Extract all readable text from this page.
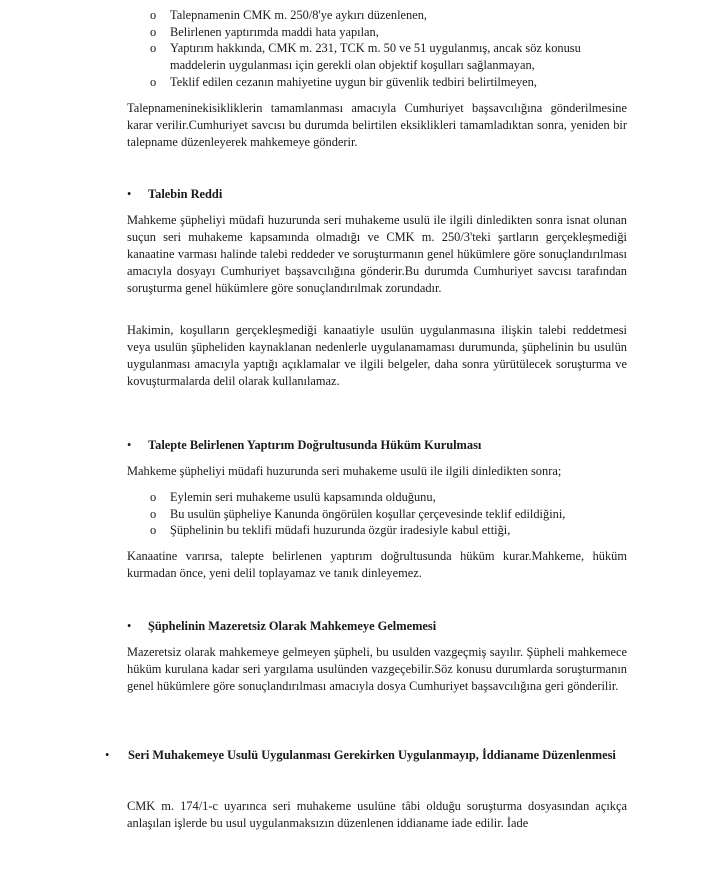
o Talepnamenin CMK m. 250/8'ye aykırı düzenlenen,
o Belirlenen yaptırımda maddi hata yapılan,
o Yaptırım hakkında, CMK m. 231, TCK m. 50 ve 51 uygulanmış, ancak söz konusu maddelerin uygulanması için gerekli olan objektif koşulları sağlanmayan,
o Teklif edilen cezanın mahiyetine uygun bir güvenlik tedbiri belirtilmeyen,

Talepnameninekisikliklerin tamamlanması amacıyla Cumhuriyet başsavcılığına gönderilmesine karar verilir.Cumhuriyet savcısı bu durumda belirtilen eksiklikleri tamamladıktan sonra, yeniden bir talepname düzenleyerek mahkemeye gönderir.

• Talebin Reddi

Mahkeme şüpheliyi müdafi huzurunda seri muhakeme usulü ile ilgili dinledikten sonra isnat olunan suçun seri muhakeme kapsamında olmadığı ve CMK m. 250/3'teki şartların gerçekleşmediği kanaatine varması halinde talebi reddeder ve soruşturmanın genel hükümlere göre sonuçlandırılması amacıyla dosyayı Cumhuriyet başsavcılığına gönderir.Bu durumda Cumhuriyet savcısı tarafından soruşturma genel hükümlere göre sonuçlandırılmak zorundadır.

Hakimin, koşulların gerçekleşmediği kanaatiyle usulün uygulanmasına ilişkin talebi reddetmesi veya usulün şüpheliden kaynaklanan nedenlerle uygulanamaması durumunda, şüphelinin bu usulün uygulanması amacıyla yaptığı açıklamalar ve ilgili belgeler, daha sonra yürütülecek soruşturma ve kovuşturmalarda delil olarak kullanılamaz.

• Talepte Belirlenen Yaptırım Doğrultusunda Hüküm Kurulması

Mahkeme şüpheliyi müdafi huzurunda seri muhakeme usulü ile ilgili dinledikten sonra;

o Eylemin seri muhakeme usulü kapsamında olduğunu,
o Bu usulün şüpheliye Kanunda öngörülen koşullar çerçevesinde teklif edildiğini,
o Şüphelinin bu teklifi müdafi huzurunda özgür iradesiyle kabul ettiği,

Kanaatine varırsa, talepte belirlenen yaptırım doğrultusunda hüküm kurar.Mahkeme, hüküm kurmadan önce, yeni delil toplayamaz ve tanık dinleyemez.

• Şüphelinin Mazeretsiz Olarak Mahkemeye Gelmemesi

Mazeretsiz olarak mahkemeye gelmeyen şüpheli, bu usulden vazgeçmiş sayılır. Şüpheli mahkemece hüküm kurulana kadar seri yargılama usulünden vazgeçebilir.Söz konusu durumlarda soruşturmanın genel hükümlere göre sonuçlandırılması amacıyla dosya Cumhuriyet başsavcılığına geri gönderilir.

• Seri Muhakemeye Usulü Uygulanması Gerekirken Uygulanmayıp, İddianame Düzenlenmesi

CMK m. 174/1-c uyarınca seri muhakeme usulüne tâbi olduğu soruşturma dosyasından açıkça anlaşılan işlerde bu usul uygulanmaksızın düzenlenen iddianame iade edilir. İade
